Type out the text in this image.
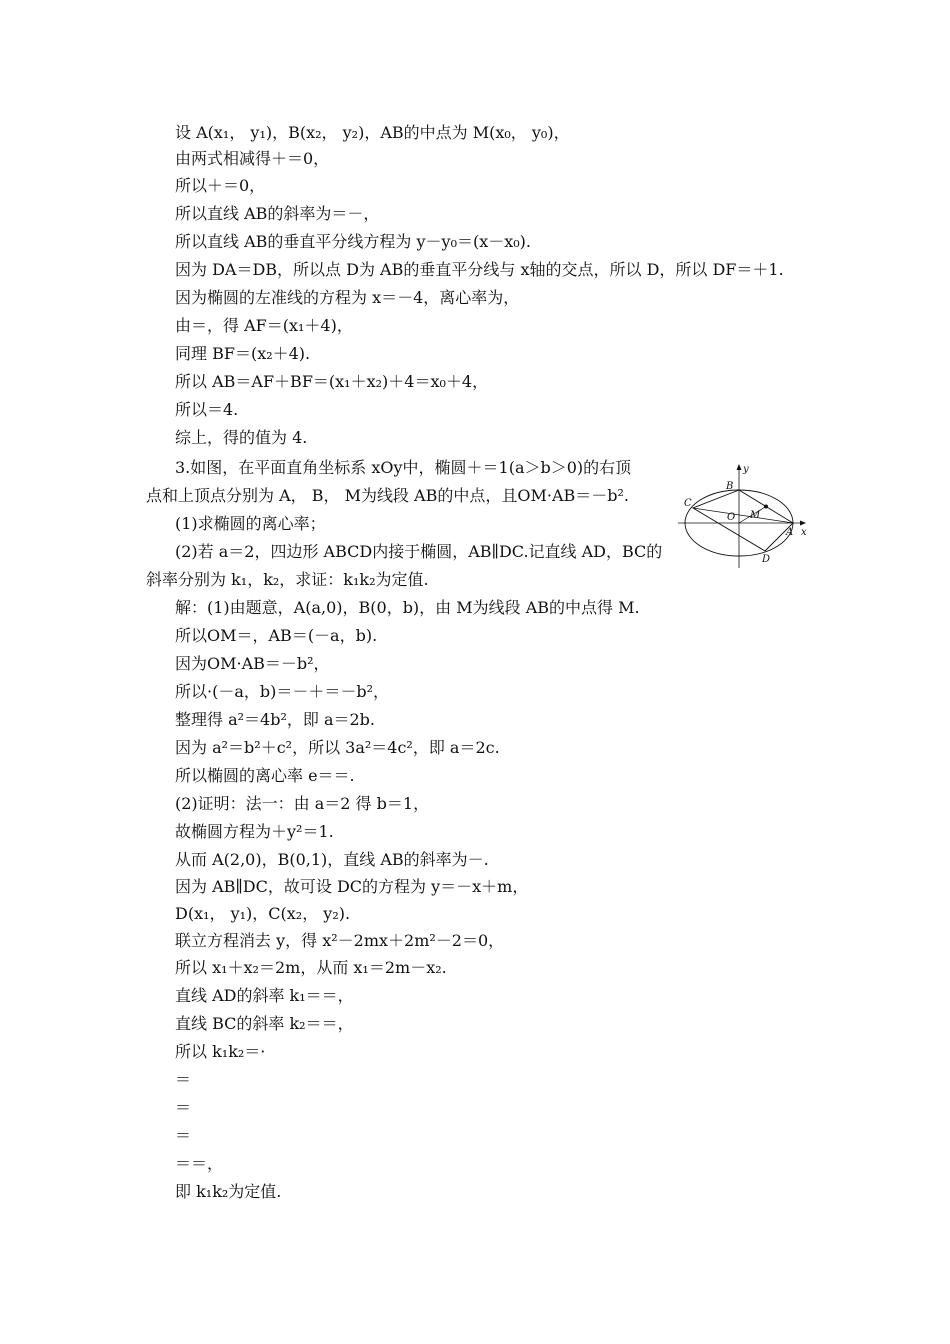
设 A(x₁， y₁)，B(x₂， y₂)，AB的中点为 M(x₀， y₀)，
由两式相减得＋＝0，
所以＋＝0，
所以直线 AB的斜率为＝－，
所以直线 AB的垂直平分线方程为 y－y₀＝(x－x₀).
因为 DA＝DB，所以点 D为 AB的垂直平分线与 x轴的交点，所以 D，所以 DF＝＋1.
因为椭圆的左准线的方程为 x＝－4，离心率为，
由＝，得 AF＝(x₁＋4)，
同理 BF＝(x₂＋4).
所以 AB＝AF＋BF＝(x₁＋x₂)＋4＝x₀＋4，
所以＝4.
综上，得的值为 4.
3.如图，在平面直角坐标系 xOy中，椭圆＋＝1(a＞b＞0)的右顶
点和上顶点分别为 A， B， M为线段 AB的中点，且OM·AB＝－b².
(1)求椭圆的离心率；
(2)若 a＝2，四边形 ABCD内接于椭圆，AB∥DC.记直线 AD，BC的
斜率分别为 k₁，k₂，求证：k₁k₂为定值.
解：(1)由题意，A(a,0)，B(0，b)，由 M为线段 AB的中点得 M.
所以OM＝，AB＝(－a，b).
因为OM·AB＝－b²，
所以·(－a，b)＝－＋＝－b²，
整理得 a²＝4b²，即 a＝2b.
因为 a²＝b²＋c²，所以 3a²＝4c²，即 a＝2c.
所以椭圆的离心率 e＝＝.
(2)证明：法一：由 a＝2 得 b＝1，
故椭圆方程为＋y²＝1.
从而 A(2,0)，B(0,1)，直线 AB的斜率为－.
因为 AB∥DC，故可设 DC的方程为 y＝－x＋m，
D(x₁， y₁)，C(x₂， y₂).
联立方程消去 y，得 x²－2mx＋2m²－2＝0，
所以 x₁＋x₂＝2m，从而 x₁＝2m－x₂.
直线 AD的斜率 k₁＝＝，
直线 BC的斜率 k₂＝＝，
所以 k₁k₂＝·
＝
＝
＝
＝＝，
即 k₁k₂为定值.
x
y
O
A
B
C
D
M
